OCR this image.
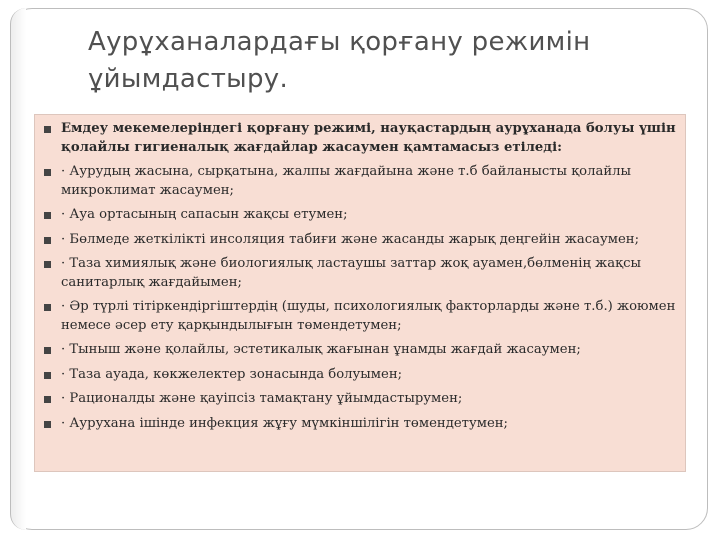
Аурұханалардағы қорғану режимін ұйымдастыру.
Емдеу мекемелеріндегі қорғану режимі, науқастардың аурұханада болуы үшін қолайлы гигиеналық жағдайлар жасаумен қамтамасыз етіледі:
· Аурудың жасына, сырқатына, жалпы жағдайына және т.б байланысты қолайлы микроклимат жасаумен;
· Ауа ортасының сапасын жақсы етумен;
· Бөлмеде жеткілікті инсоляция табиғи және жасанды жарық деңгейін жасаумен;
· Таза химиялық және биологиялық ластаушы заттар жоқ ауамен,бөлменің жақсы санитарлық жағдайымен;
· Әр түрлі тітіркендіргіштердің (шуды, психологиялық факторларды және т.б.) жоюмен немесе әсер ету қарқындылығын төмендетумен;
· Тыныш және қолайлы, эстетикалық жағынан ұнамды жағдай жасаумен;
· Таза ауада, көкжелектер зонасында болуымен;
· Рационалды және қауіпсіз тамақтану ұйымдастырумен;
· Аурухана ішінде инфекция жұғу мүмкіншілігін төмендетумен;
